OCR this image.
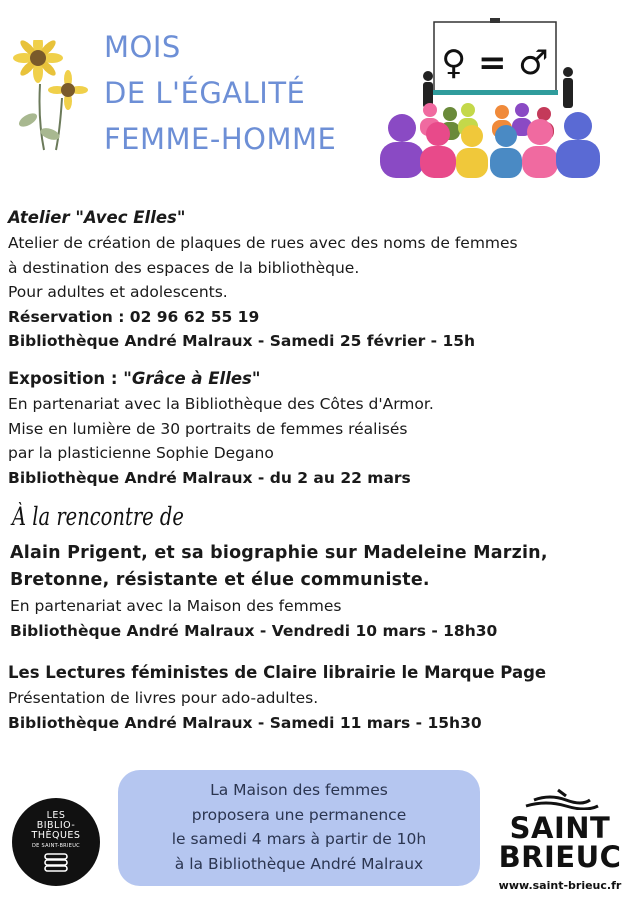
MOIS
DE L'ÉGALITÉ
FEMME-HOMME
♀ = ♂
Atelier "Avec Elles"
Atelier de création de plaques de rues avec des noms de femmes
à destination des espaces de la bibliothèque.
Pour adultes et adolescents.
Réservation : 02 96 62 55 19
Bibliothèque André Malraux - Samedi 25 février - 15h
Exposition : "Grâce à Elles"
En partenariat avec la Bibliothèque des Côtes d'Armor.
Mise en lumière de 30 portraits de femmes réalisés
par la plasticienne Sophie Degano
Bibliothèque André Malraux - du 2 au 22 mars
À la rencontre de
Alain Prigent, et sa biographie sur Madeleine Marzin,
Bretonne, résistante et élue communiste.
En partenariat avec la Maison des femmes
Bibliothèque André Malraux - Vendredi 10 mars - 18h30
Les Lectures féministes de Claire librairie le Marque Page
Présentation de livres pour ado-adultes.
Bibliothèque André Malraux - Samedi 11 mars - 15h30
La Maison des femmes
proposera une permanence
le samedi 4 mars à partir de 10h
à la Bibliothèque André Malraux
LES
BIBLIO-
THÈQUES
DE SAINT-BRIEUC
SAINT
BRIEUC
www.saint-brieuc.fr
